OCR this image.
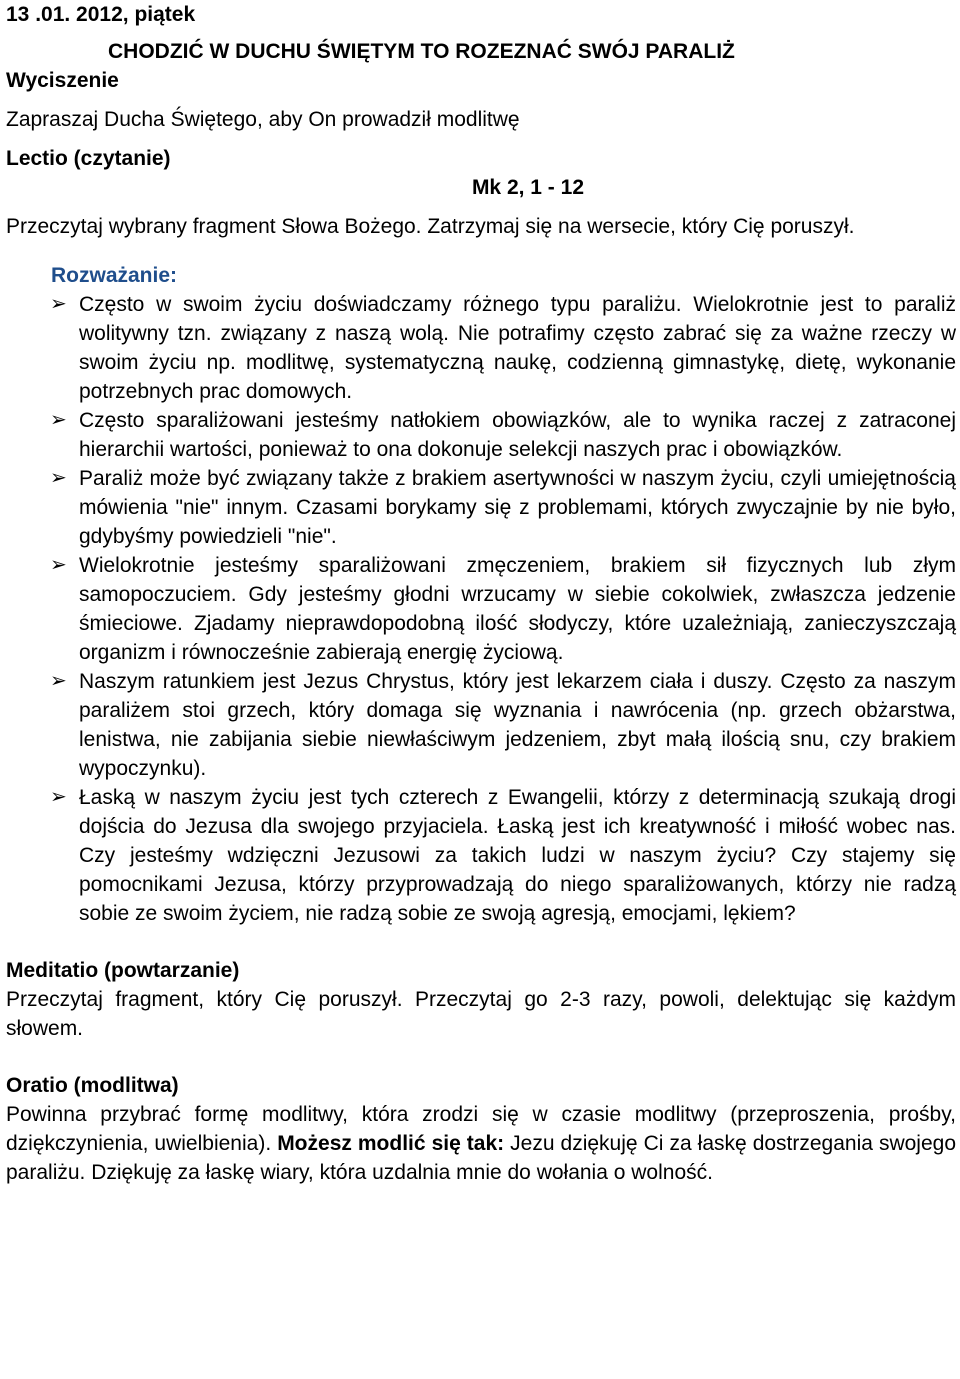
13 .01. 2012, piątek

CHODZIĆ W DUCHU ŚWIĘTYM TO ROZEZNAĆ SWÓJ PARALIŻ

Wyciszenie

Zapraszaj Ducha Świętego, aby On prowadził modlitwę

Lectio (czytanie)

Mk 2, 1 - 12

Przeczytaj wybrany fragment Słowa Bożego. Zatrzymaj się na wersecie, który Cię poruszył.

Rozważanie:

➢ Często w swoim życiu doświadczamy różnego typu paraliżu. Wielokrotnie jest to paraliż wolitywny tzn. związany z naszą wolą. Nie potrafimy często zabrać się za ważne rzeczy w swoim życiu np. modlitwę, systematyczną naukę, codzienną gimnastykę, dietę, wykonanie potrzebnych prac domowych.
➢ Często sparaliżowani jesteśmy natłokiem obowiązków, ale to wynika raczej z zatraconej hierarchii wartości, ponieważ to ona dokonuje selekcji naszych prac i obowiązków.
➢ Paraliż może być związany także z brakiem asertywności w naszym życiu, czyli umiejętnością mówienia "nie" innym. Czasami borykamy się z problemami, których zwyczajnie by nie było, gdybyśmy powiedzieli "nie".
➢ Wielokrotnie jesteśmy sparaliżowani zmęczeniem, brakiem sił fizycznych lub złym samopoczuciem. Gdy jesteśmy głodni wrzucamy w siebie cokolwiek, zwłaszcza jedzenie śmieciowe. Zjadamy nieprawdopodobną ilość słodyczy, które uzależniają, zanieczyszczają organizm i równocześnie zabierają energię życiową.
➢ Naszym ratunkiem jest Jezus Chrystus, który jest lekarzem ciała i duszy. Często za naszym paraliżem stoi grzech, który domaga się wyznania i nawrócenia (np. grzech obżarstwa, lenistwa, nie zabijania siebie niewłaściwym jedzeniem, zbyt małą ilością snu, czy brakiem wypoczynku).
➢ Łaską w naszym życiu jest tych czterech z Ewangelii, którzy z determinacją szukają drogi dojścia do Jezusa dla swojego przyjaciela. Łaską jest ich kreatywność i miłość wobec nas. Czy jesteśmy wdzięczni Jezusowi za takich ludzi w naszym życiu? Czy stajemy się pomocnikami Jezusa, którzy przyprowadzają do niego sparaliżowanych, którzy nie radzą sobie ze swoim życiem, nie radzą sobie ze swoją agresją, emocjami, lękiem?

Meditatio (powtarzanie)

Przeczytaj fragment, który Cię poruszył. Przeczytaj go 2-3 razy, powoli, delektując się każdym słowem.

Oratio (modlitwa)

Powinna przybrać formę modlitwy, która zrodzi się w czasie modlitwy (przeproszenia, prośby, dziękczynienia, uwielbienia). Możesz modlić się tak: Jezu dziękuję Ci za łaskę dostrzegania swojego paraliżu. Dziękuję za łaskę wiary, która uzdalnia mnie do wołania o wolność.
